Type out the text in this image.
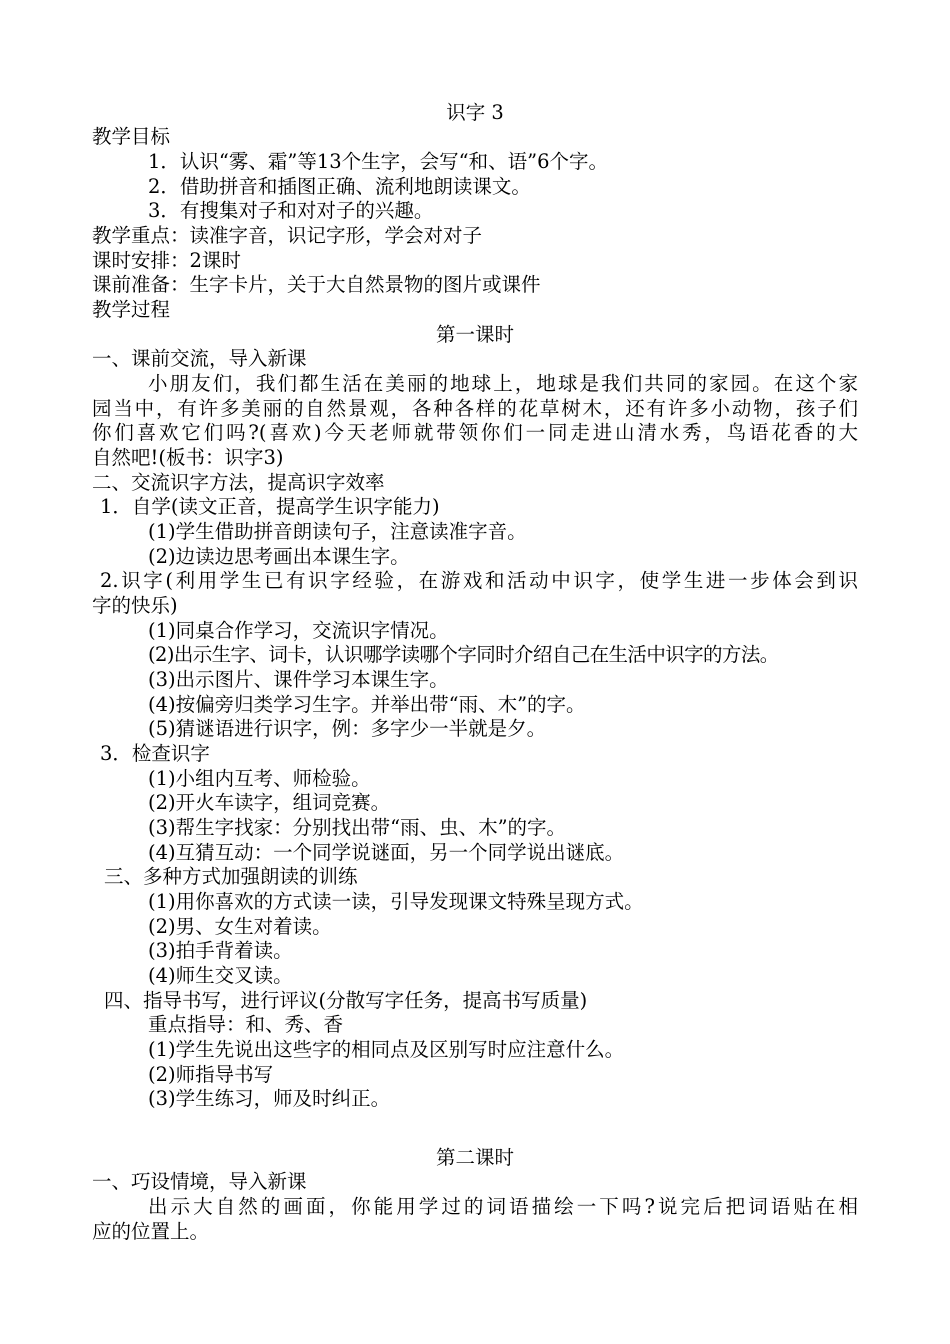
识字 3
教学目标
1．认识“雾、霜”等13个生字，会写“和、语”6个字。
2．借助拼音和插图正确、流利地朗读课文。
3．有搜集对子和对对子的兴趣。
教学重点：读准字音，识记字形，学会对对子
课时安排：2课时
课前准备：生字卡片，关于大自然景物的图片或课件
教学过程
第一课时
一、课前交流，导入新课
小朋友们，我们都生活在美丽的地球上，地球是我们共同的家园。在这个家
园当中，有许多美丽的自然景观，各种各样的花草树木，还有许多小动物，孩子们
你们喜欢它们吗?(喜欢)今天老师就带领你们一同走进山清水秀，鸟语花香的大
自然吧!(板书：识字3)
二、交流识字方法，提高识字效率
1．自学(读文正音，提高学生识字能力)
(1)学生借助拼音朗读句子，注意读准字音。
(2)边读边思考画出本课生字。
2.识字(利用学生已有识字经验，在游戏和活动中识字，使学生进一步体会到识
字的快乐)
(1)同桌合作学习，交流识字情况。
(2)出示生字、词卡，认识哪学读哪个字同时介绍自己在生活中识字的方法。
(3)出示图片、课件学习本课生字。
(4)按偏旁归类学习生字。并举出带“雨、木”的字。
(5)猜谜语进行识字，例：多字少一半就是夕。
3．检查识字
(1)小组内互考、师检验。
(2)开火车读字，组词竞赛。
(3)帮生字找家：分别找出带“雨、虫、木”的字。
(4)互猜互动：一个同学说谜面，另一个同学说出谜底。
三、多种方式加强朗读的训练
(1)用你喜欢的方式读一读，引导发现课文特殊呈现方式。
(2)男、女生对着读。
(3)拍手背着读。
(4)师生交叉读。
四、指导书写，进行评议(分散写字任务，提高书写质量)
重点指导：和、秀、香
(1)学生先说出这些字的相同点及区别写时应注意什么。
(2)师指导书写
(3)学生练习，师及时纠正。
第二课时
一、巧设情境，导入新课
出示大自然的画面，你能用学过的词语描绘一下吗?说完后把词语贴在相
应的位置上。
